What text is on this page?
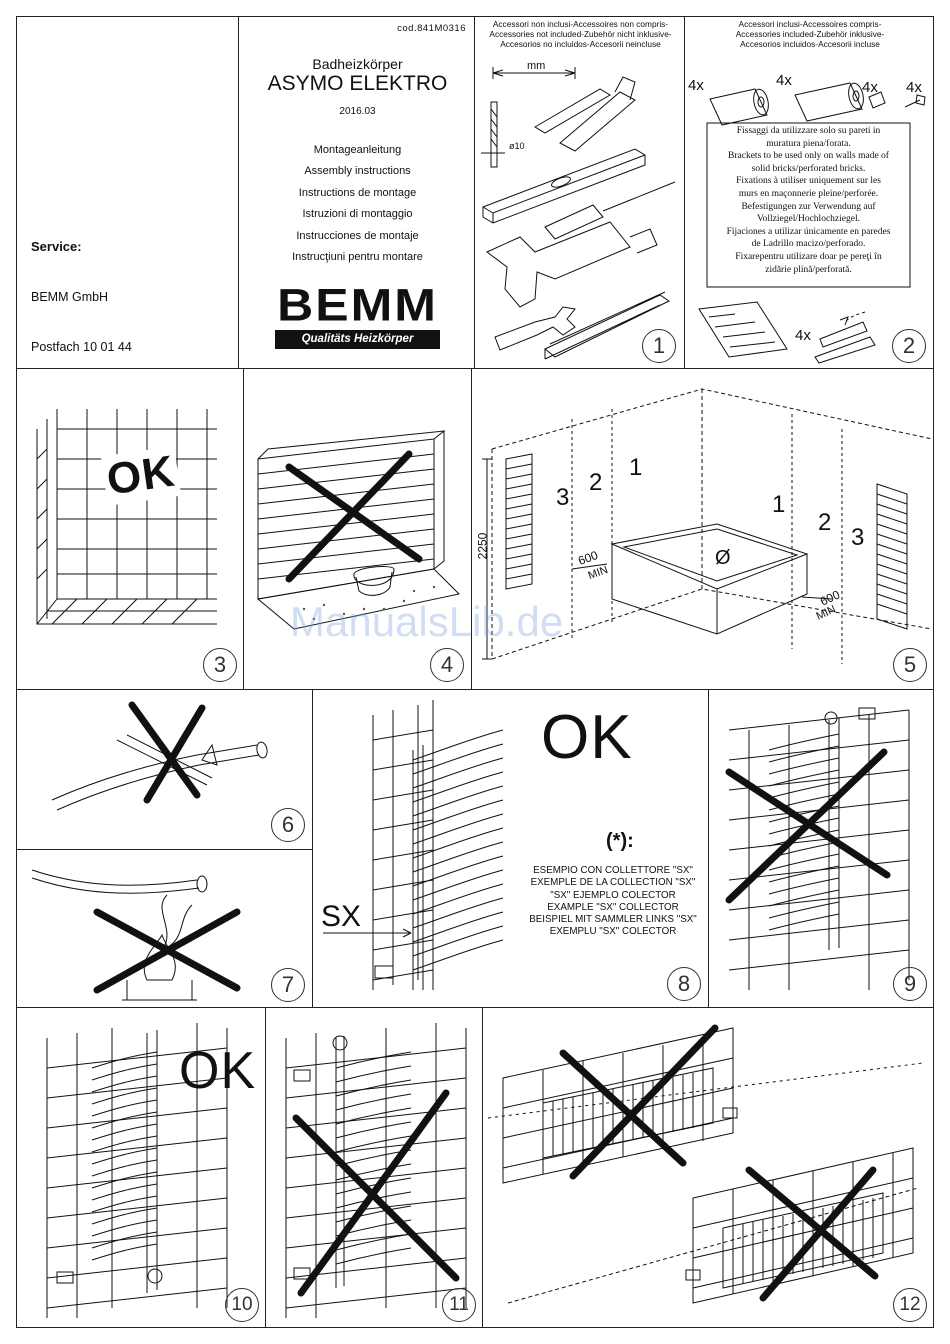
Service:

BEMM GmbH

Postfach 10 01 44

cod.841M0316
Badheizkörper
ASYMO ELEKTRO
2016.03
Montageanleitung
Assembly instructions
Instructions de montage
Istruzioni di montaggio
Instrucciones de montaje
Instrucţiuni pentru montare
BEMM
Qualitäts Heizkörper
Accessori non inclusi-Accessoires non compris-
Accessories not included-Zubehör nicht inklusive-
Accesorios no incluidos-Accesorii neincluse
mm
ø10
1
Accessori inclusi-Accessoires compris-
Accessories included-Zubehör inklusive-
Accesorios incluidos-Accesorii incluse
4x	4x	4x 4x
4x
Fissaggi da utilizzare solo su pareti in
muratura piena/forata.
Brackets to be used only on walls made of
solid bricks/perforated bricks.
Fixations à utiliser uniquement sur les
murs en maçonnerie pleine/perforée.
Befestigungen zur Verwendung auf
Vollziegel/Hochlochziegel.
Fijaciones a utilizar únicamente en paredes
de Ladrillo macizo/perforado.
Fixarepentru utilizare doar pe pereţi în
zidărie plină/perforată.
2
OK
3	4
2250
3
2
1
1
2
3
Ø
600
MIN
600
MIN
5
6
7
OK
(*):
SX
ESEMPIO CON COLLETTORE "SX"
EXEMPLE DE LA COLLECTION "SX"
"SX" EJEMPLO COLECTOR
EXAMPLE "SX" COLLECTOR
BEISPIEL MIT SAMMLER LINKS "SX"
EXEMPLU "SX" COLECTOR
8	9
OK
10	11	12
ManualsLib.de
